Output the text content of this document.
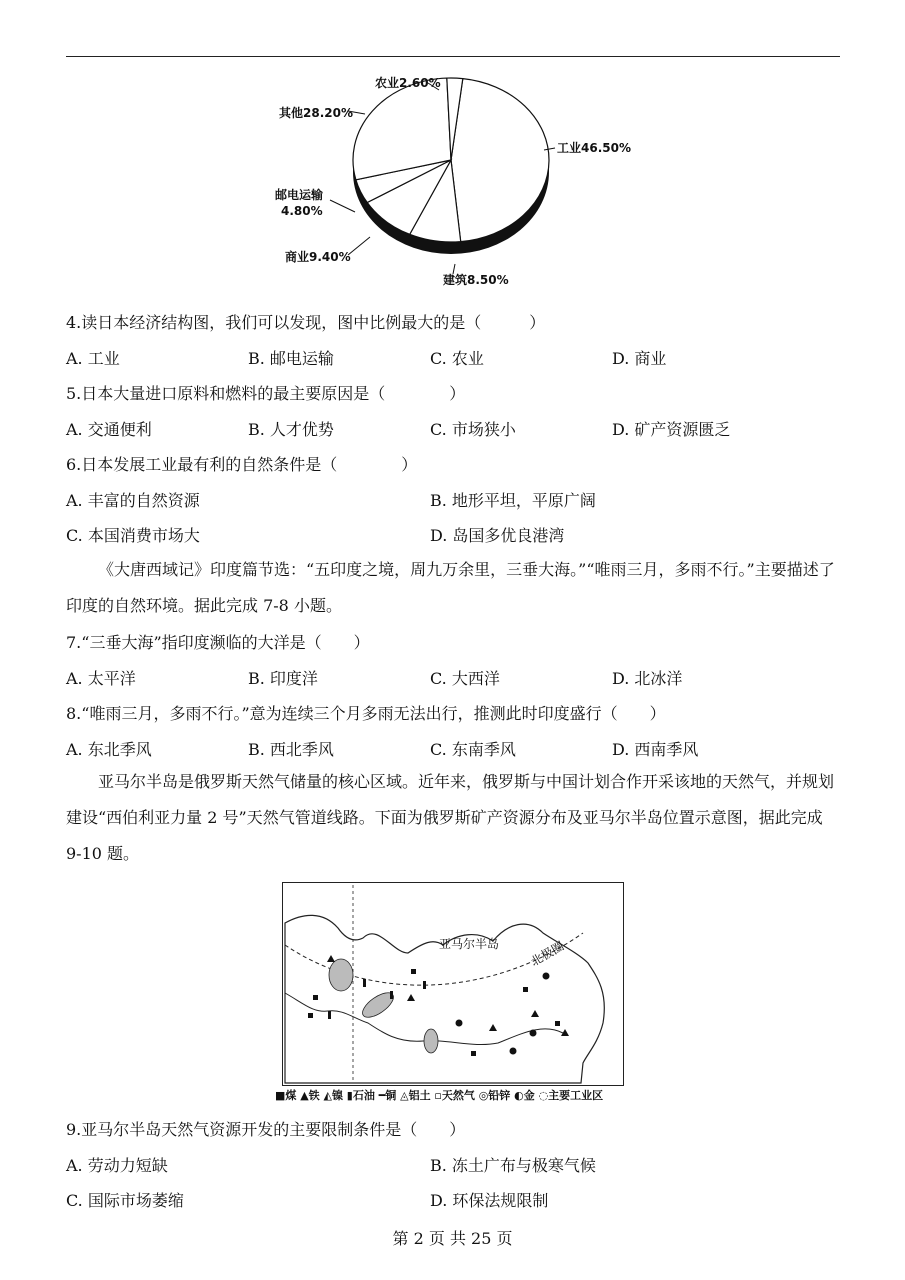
农业2.60%
其他28.20%
工业46.50%
邮电运输
4.80%
商业9.40%
建筑8.50%
4.读日本经济结构图，我们可以发现，图中比例最大的是（　　　）
A. 工业	B. 邮电运输	C. 农业	D. 商业
5.日本大量进口原料和燃料的最主要原因是（　　　　）
A. 交通便利	B. 人才优势	C. 市场狭小	D. 矿产资源匮乏
6.日本发展工业最有利的自然条件是（　　　　）
A. 丰富的自然资源	B. 地形平坦，平原广阔
C. 本国消费市场大	D. 岛国多优良港湾
《大唐西域记》印度篇节选：“五印度之境，周九万余里，三垂大海。”“唯雨三月，多雨不行。”主要描述了印度的自然环境。据此完成 7-8 小题。
7.“三垂大海”指印度濒临的大洋是（　　）
A. 太平洋	B. 印度洋	C. 大西洋	D. 北冰洋
8.“唯雨三月，多雨不行。”意为连续三个月多雨无法出行，推测此时印度盛行（　　）
A. 东北季风	B. 西北季风	C. 东南季风	D. 西南季风
亚马尔半岛是俄罗斯天然气储量的核心区域。近年来，俄罗斯与中国计划合作开采该地的天然气，并规划建设“西伯利亚力量 2 号”天然气管道线路。下面为俄罗斯矿产资源分布及亚马尔半岛位置示意图，据此完成 9-10 题。
亚马尔半岛 北极圈
■煤 ▲铁 ◭镍 ▮石油 ━铜 ◬铝土 ▫天然气 ◎铅锌 ◐金 ◌主要工业区
9.亚马尔半岛天然气资源开发的主要限制条件是（　　）
A. 劳动力短缺	B. 冻土广布与极寒气候
C. 国际市场萎缩	D. 环保法规限制
第 2 页 共 25 页
